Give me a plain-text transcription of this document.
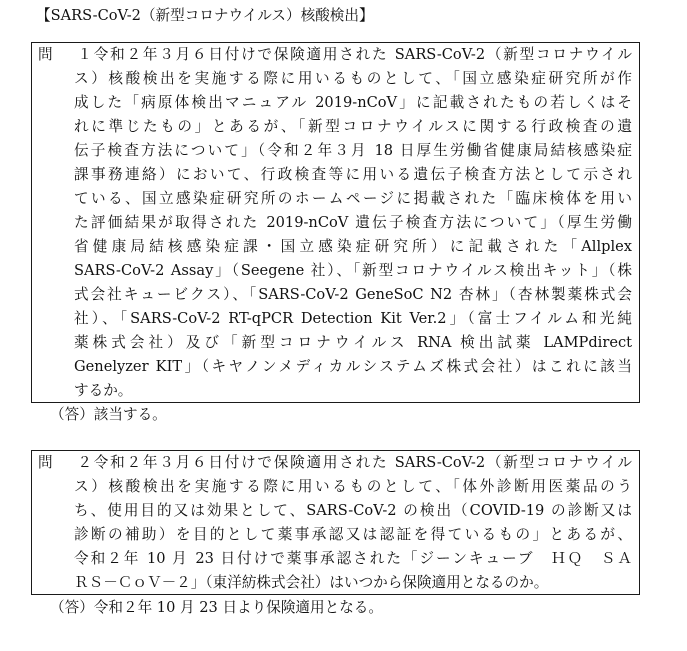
【SARS-CoV-2（新型コロナウイルス）核酸検出】
問１令和２年３月６日付けで保険適用された SARS-CoV-2（新型コロナウイル
ス）核酸検出を実施する際に用いるものとして、「国立感染症研究所が作
成した「病原体検出マニュアル 2019-nCoV」に記載されたもの若しくはそ
れに準じたもの」とあるが、「新型コロナウイルスに関する行政検査の遺
伝子検査方法について」（令和２年３月 18 日厚生労働省健康局結核感染症
課事務連絡）において、行政検査等に用いる遺伝子検査方法として示され
ている、国立感染症研究所のホームページに掲載された「臨床検体を用い
た評価結果が取得された 2019-nCoV 遺伝子検査方法について」（厚生労働
省健康局結核感染症課・国立感染症研究所）に記載された「Allplex
SARS-CoV-2 Assay」（Seegene 社）、「新型コロナウイルス検出キット」（株
式会社キュービクス）、「SARS-CoV-2 GeneSoC N2 杏林」（杏林製薬株式会
社）、「SARS-CoV-2 RT-qPCR Detection Kit Ver.2」（富士フイルム和光純
薬株式会社）及び「新型コロナウイルス RNA 検出試薬 LAMPdirect
Genelyzer KIT」（キヤノンメディカルシステムズ株式会社）はこれに該当
するか。
（答）該当する。
問２令和２年３月６日付けで保険適用された SARS-CoV-2（新型コロナウイル
ス）核酸検出を実施する際に用いるものとして、「体外診断用医薬品のう
ち、使用目的又は効果として、SARS-CoV-2 の検出（COVID-19 の診断又は
診断の補助）を目的として薬事承認又は認証を得ているもの」とあるが、
令和２年 10 月 23 日付けで薬事承認された「ジーンキューブ　ＨＱ　ＳＡ
ＲＳ－ＣｏＶ－２」（東洋紡株式会社）はいつから保険適用となるのか。
（答）令和２年 10 月 23 日より保険適用となる。
